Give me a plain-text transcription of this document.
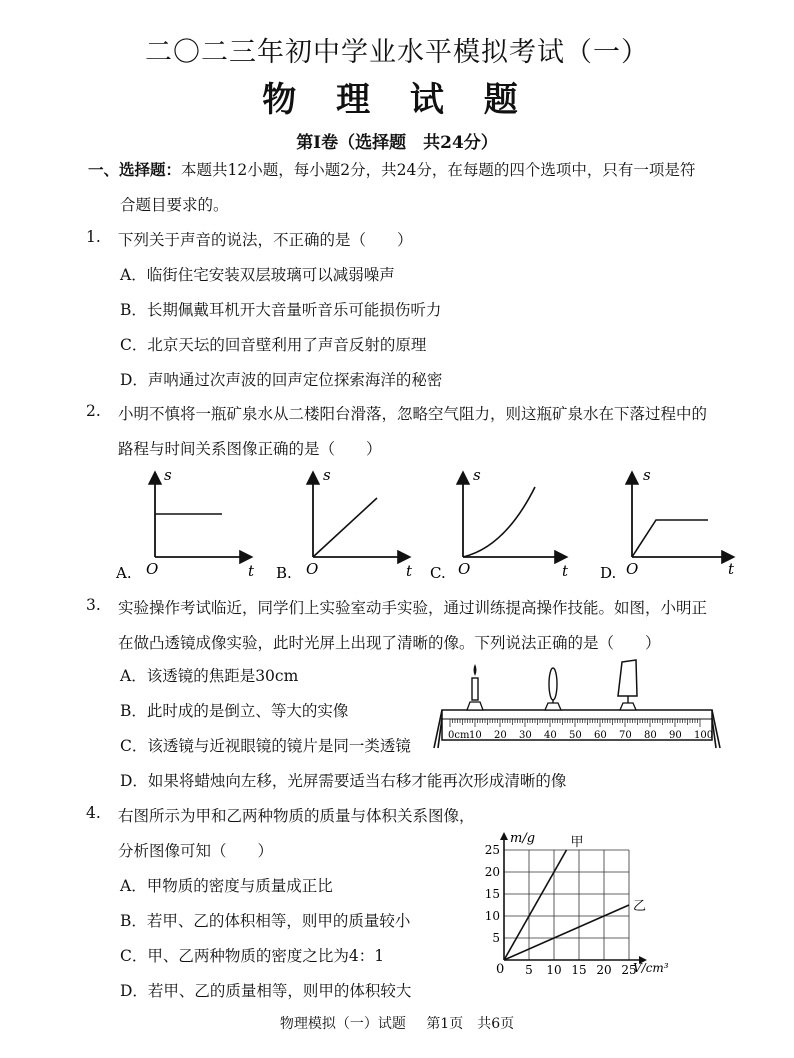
二〇二三年初中学业水平模拟考试（一）
物 理 试 题
第Ⅰ卷（选择题　共24分）
一、选择题：本题共12小题，每小题2分，共24分，在每题的四个选项中，只有一项是符
合题目要求的。
1. 下列关于声音的说法，不正确的是（　　）
A．临街住宅安装双层玻璃可以减弱噪声
B．长期佩戴耳机开大音量听音乐可能损伤听力
C．北京天坛的回音壁利用了声音反射的原理
D．声呐通过次声波的回声定位探索海洋的秘密
2. 小明不慎将一瓶矿泉水从二楼阳台滑落，忽略空气阻力，则这瓶矿泉水在下落过程中的
路程与时间关系图像正确的是（　　）
s
O	t
A.
s
O	t
B.
s
O	t
C.
s
O	t
D.
3. 实验操作考试临近，同学们上实验室动手实验，通过训练提高操作技能。如图，小明正
在做凸透镜成像实验，此时光屏上出现了清晰的像。下列说法正确的是（　　）
A．该透镜的焦距是30cm
B．此时成的是倒立、等大的实像
C．该透镜与近视眼镜的镜片是同一类透镜
D．如果将蜡烛向左移，光屏需要适当右移才能再次形成清晰的像
0cm 10 20 30 40 50 60 70 80 90 100
4. 右图所示为甲和乙两种物质的质量与体积关系图像，
分析图像可知（　　）
A．甲物质的密度与质量成正比
B．若甲、乙的体积相等，则甲的质量较小
C．甲、乙两种物质的密度之比为4：1
D．若甲、乙的质量相等，则甲的体积较大
甲
乙
25
20
15
10
5
5 10 15 20 25
m/g
V/cm³
0
物理模拟（一）试题 第1页　共6页
